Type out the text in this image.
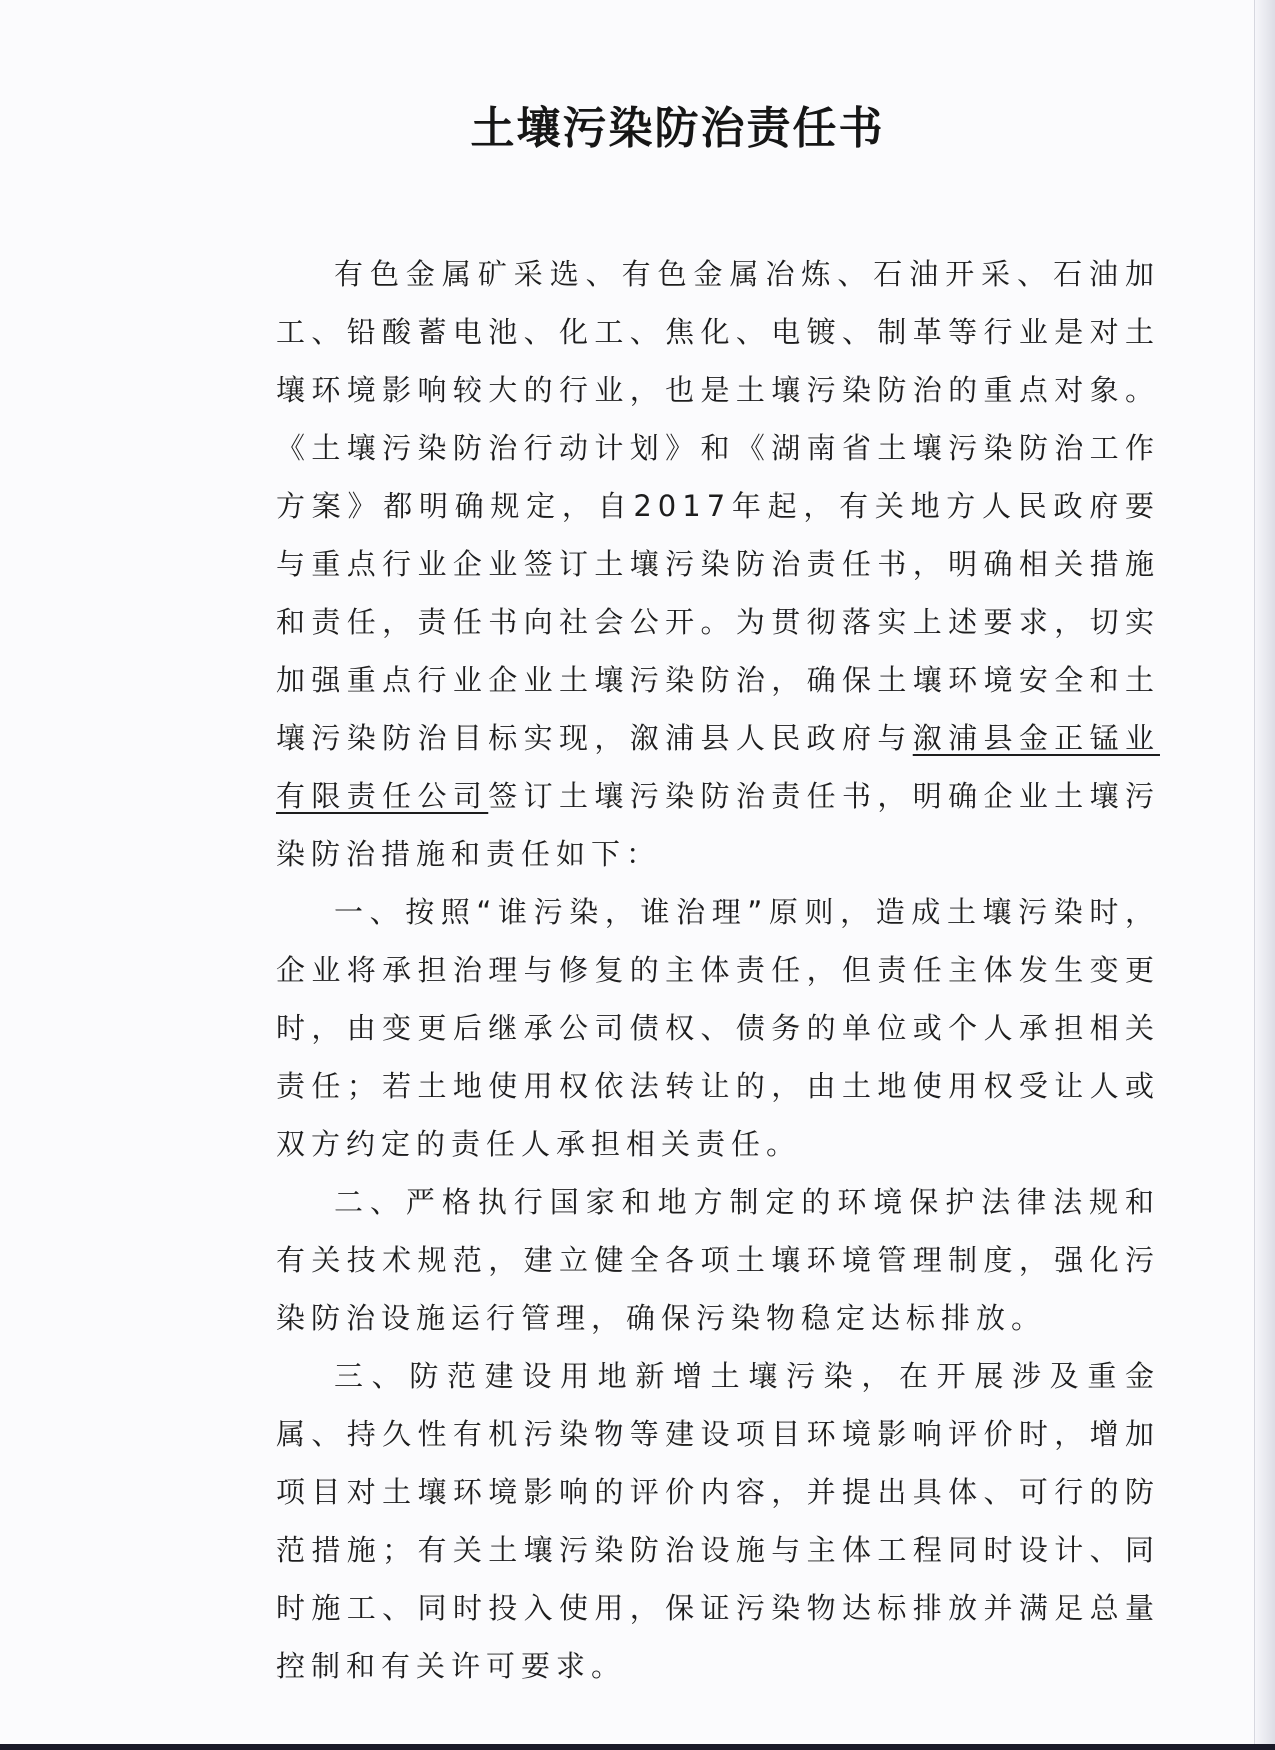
土壤污染防治责任书

有色金属矿采选、有色金属冶炼、石油开采、石油加工、铅酸蓄电池、化工、焦化、电镀、制革等行业是对土壤环境影响较大的行业，也是土壤污染防治的重点对象。《土壤污染防治行动计划》和《湖南省土壤污染防治工作方案》都明确规定，自2017年起，有关地方人民政府要与重点行业企业签订土壤污染防治责任书，明确相关措施和责任，责任书向社会公开。为贯彻落实上述要求，切实加强重点行业企业土壤污染防治，确保土壤环境安全和土壤污染防治目标实现，溆浦县人民政府与溆浦县金正锰业有限责任公司签订土壤污染防治责任书，明确企业土壤污染防治措施和责任如下：

一、按照“谁污染，谁治理”原则，造成土壤污染时，企业将承担治理与修复的主体责任，但责任主体发生变更时，由变更后继承公司债权、债务的单位或个人承担相关责任；若土地使用权依法转让的，由土地使用权受让人或双方约定的责任人承担相关责任。

二、严格执行国家和地方制定的环境保护法律法规和有关技术规范，建立健全各项土壤环境管理制度，强化污染防治设施运行管理，确保污染物稳定达标排放。

三、防范建设用地新增土壤污染，在开展涉及重金属、持久性有机污染物等建设项目环境影响评价时，增加项目对土壤环境影响的评价内容，并提出具体、可行的防范措施；有关土壤污染防治设施与主体工程同时设计、同时施工、同时投入使用，保证污染物达标排放并满足总量控制和有关许可要求。
